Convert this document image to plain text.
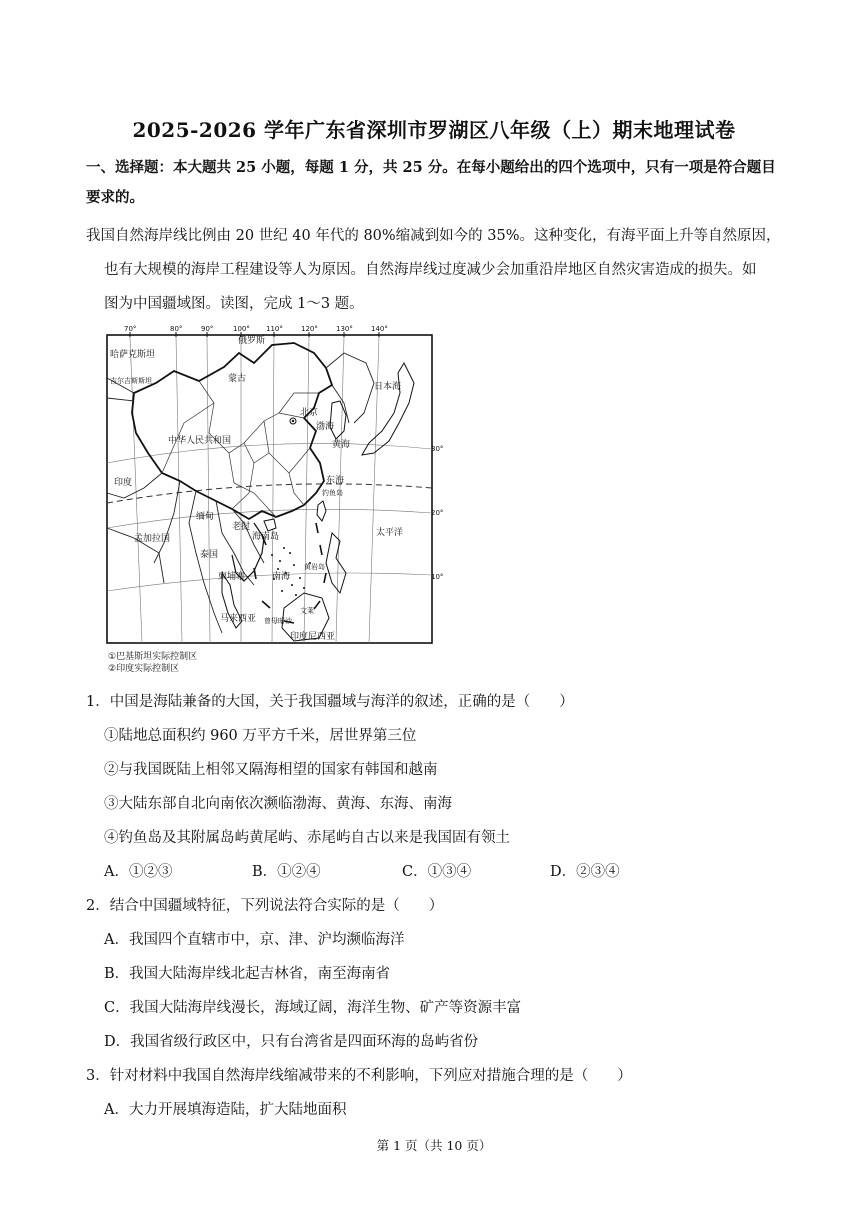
2025-2026 学年广东省深圳市罗湖区八年级（上）期末地理试卷
一、选择题：本大题共 25 小题，每题 1 分，共 25 分。在每小题给出的四个选项中，只有一项是符合题目
要求的。
我国自然海岸线比例由 20 世纪 40 年代的 80%缩减到如今的 35%。这种变化，有海平面上升等自然原因，
也有大规模的海岸工程建设等人为原因。自然海岸线过度减少会加重沿岸地区自然灾害造成的损失。如
图为中国疆域图。读图，完成 1～3 题。
70°	80°	90°	100° 110°	120°	130°	140°
30°
20°
10°
哈萨克斯坦
吉尔吉斯斯坦
俄罗斯
蒙古
北京
渤海
黄海
日本海
中华人民共和国
印度	东海
钓鱼岛
缅甸
老挝
孟加拉国	海南岛	太平洋
泰国
柬埔寨	南海
黄岩岛
马来西亚 曾母暗沙
文莱
印度尼西亚
①巴基斯坦实际控制区
②印度实际控制区
1．中国是海陆兼备的大国，关于我国疆域与海洋的叙述，正确的是（　　）
①陆地总面积约 960 万平方千米，居世界第三位
②与我国既陆上相邻又隔海相望的国家有韩国和越南
③大陆东部自北向南依次濒临渤海、黄海、东海、南海
④钓鱼岛及其附属岛屿黄尾屿、赤尾屿自古以来是我国固有领土
A．①②③	B．①②④	C．①③④	D．②③④
2．结合中国疆域特征，下列说法符合实际的是（　　）
A．我国四个直辖市中，京、津、沪均濒临海洋
B．我国大陆海岸线北起吉林省，南至海南省
C．我国大陆海岸线漫长，海域辽阔，海洋生物、矿产等资源丰富
D．我国省级行政区中，只有台湾省是四面环海的岛屿省份
3．针对材料中我国自然海岸线缩减带来的不利影响，下列应对措施合理的是（　　）
A．大力开展填海造陆，扩大陆地面积
第 1 页（共 10 页）
